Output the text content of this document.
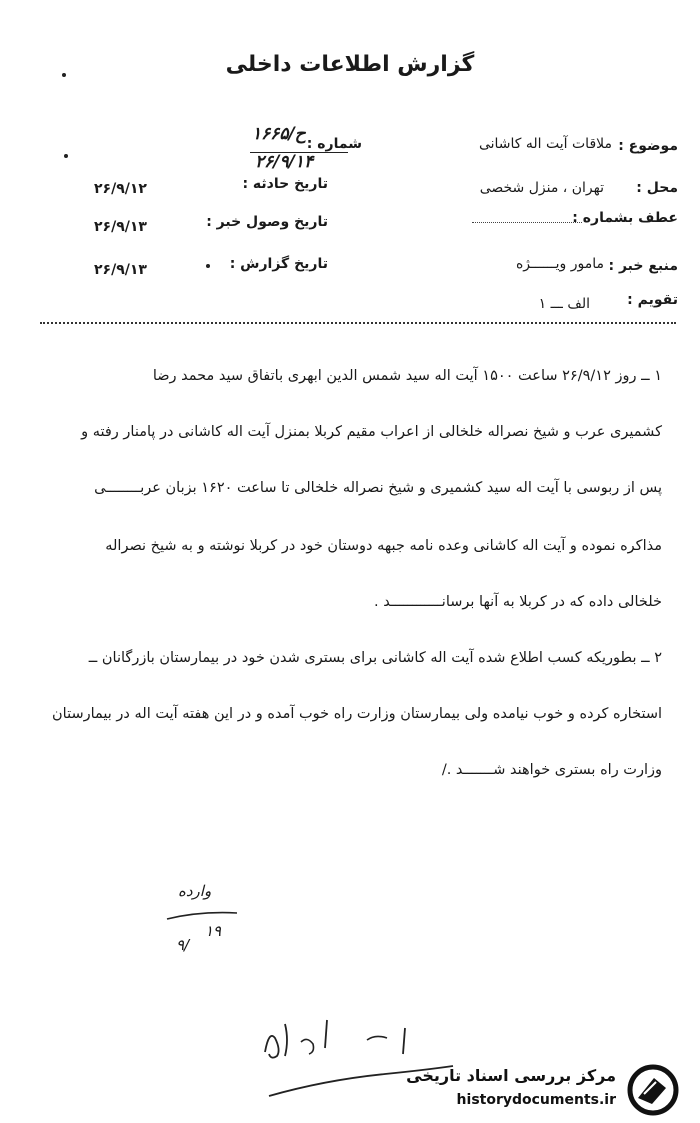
گزارش اطلاعات داخلی
موضوع :
ملاقات آیت اله کاشانی
محل :
تهران ، منزل شخصی
عطف بشماره :
منبع خبر :
مامور ویــــــژه
تقویم :
الف ـــ ۱
شماره :
۱۶۶۵/ح
۲۶/۹/۱۴
تاریخ حادثه :
۲۶/۹/۱۲
تاریخ وصول خبر :
۲۶/۹/۱۳
تاریخ گزارش :
۲۶/۹/۱۳
۱ ــ روز ۲۶/۹/۱۲ ساعت ۱۵۰۰ آیت اله سید شمس الدین ابهری باتفاق سید محمد رضا
کشمیری عرب و شیخ نصراله خلخالی از اعراب مقیم کربلا بمنزل آیت اله کاشانی در پامنار رفته و
پس از ربوسی با آیت اله سید کشمیری و شیخ نصراله خلخالی تا ساعت ۱۶۲۰ بزبان عربــــــــی
مذاکره نموده و آیت اله کاشانی وعده نامه جبهه دوستان خود در کربلا نوشته و به شیخ نصراله
خلخالی داده که در کربلا به آنها برسانــــــــــــد .
۲ ــ بطوریکه کسب اطلاع شده آیت اله کاشانی برای بستری شدن خود در بیمارستان بازرگانان ــ
استخاره کرده و خوب نیامده ولی بیمارستان وزارت راه خوب آمده و در این هفته آیت اله در بیمارستان
وزارت راه بستری خواهند شـــــــد ./
وارده
۱۹
۹/
مرکز بررسی اسناد تاریخی
historydocuments.ir
